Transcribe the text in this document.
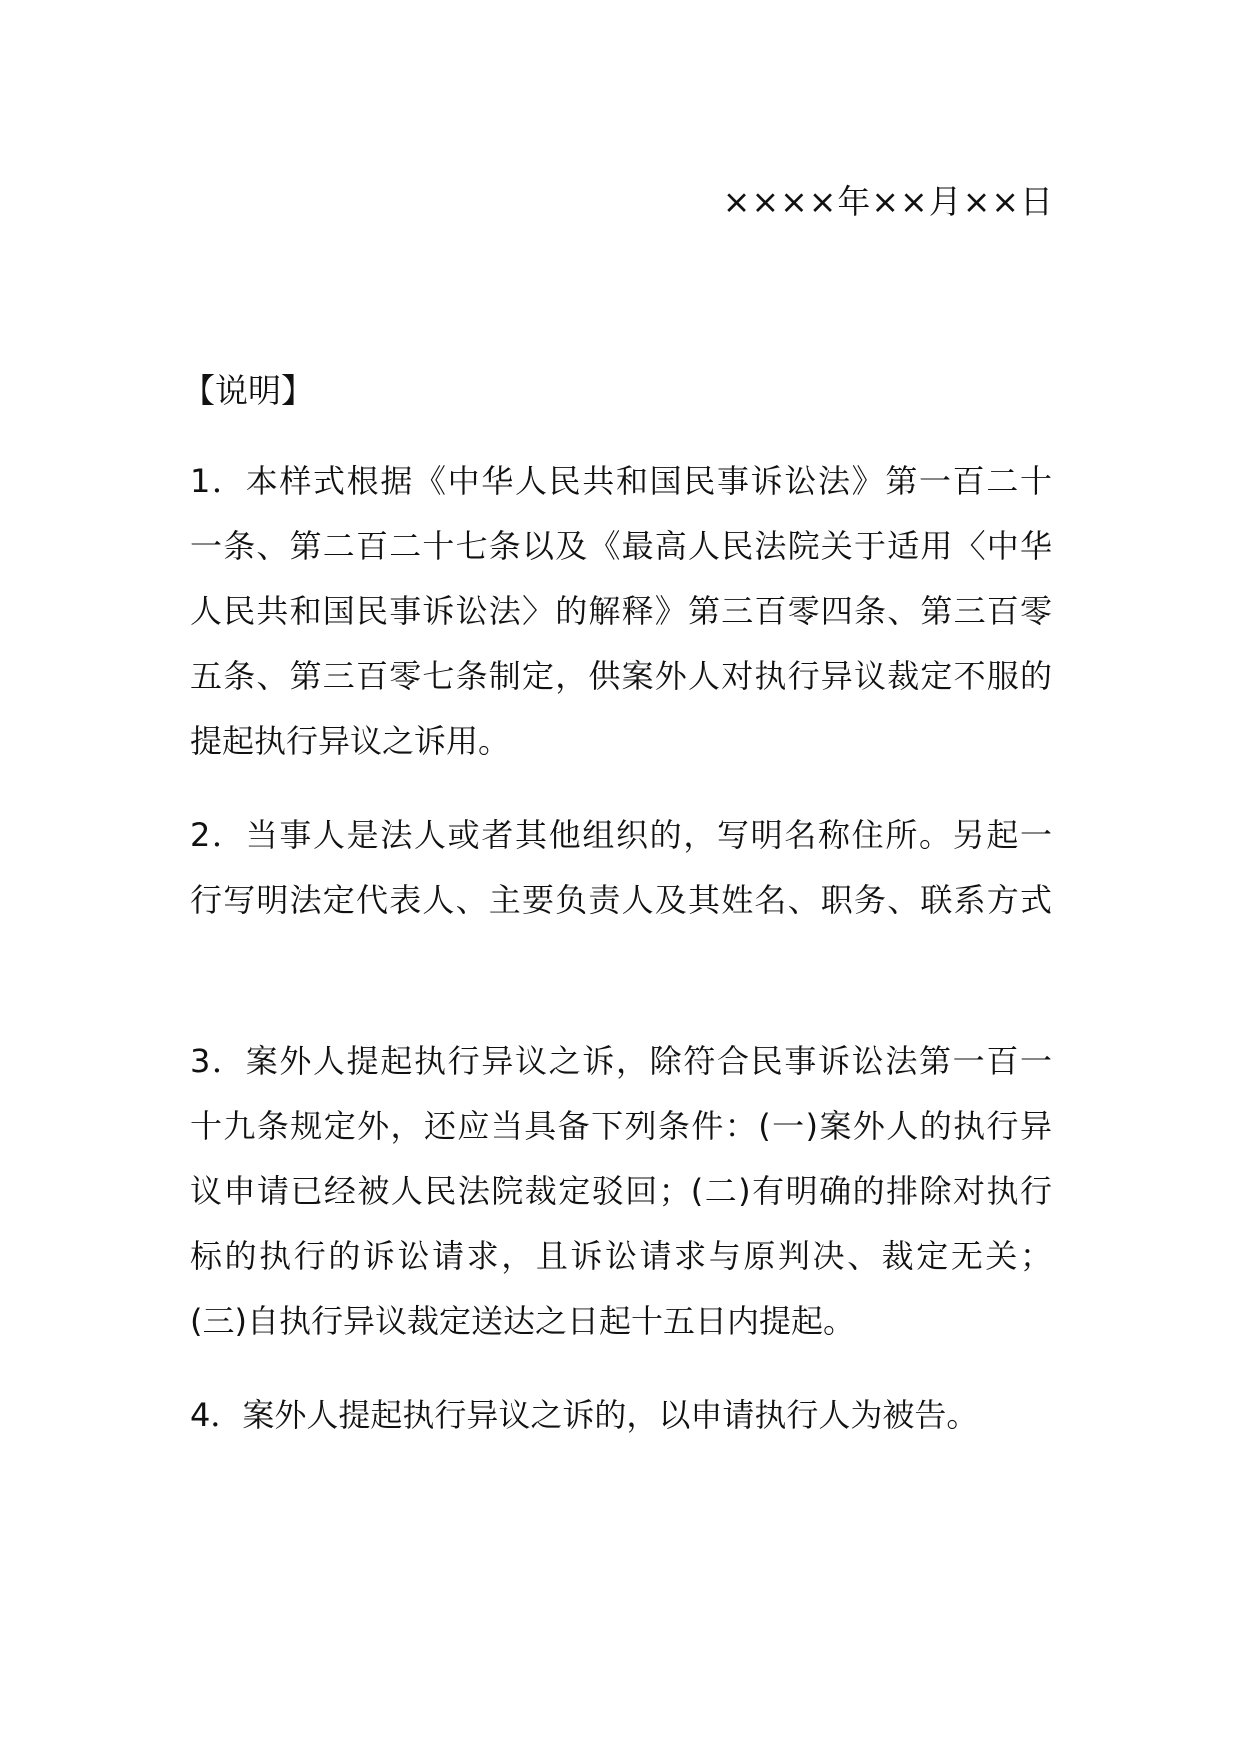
××××年××月××日
【说明】
1．本样式根据《中华人民共和国民事诉讼法》第一百二十
一条、第二百二十七条以及《最高人民法院关于适用〈中华
人民共和国民事诉讼法〉的解释》第三百零四条、第三百零
五条、第三百零七条制定，供案外人对执行异议裁定不服的
提起执行异议之诉用。
2．当事人是法人或者其他组织的，写明名称住所。另起一
行写明法定代表人、主要负责人及其姓名、职务、联系方式
3．案外人提起执行异议之诉，除符合民事诉讼法第一百一
十九条规定外，还应当具备下列条件：(一)案外人的执行异
议申请已经被人民法院裁定驳回；(二)有明确的排除对执行
标的执行的诉讼请求，且诉讼请求与原判决、裁定无关；
(三)自执行异议裁定送达之日起十五日内提起。
4．案外人提起执行异议之诉的，以申请执行人为被告。
